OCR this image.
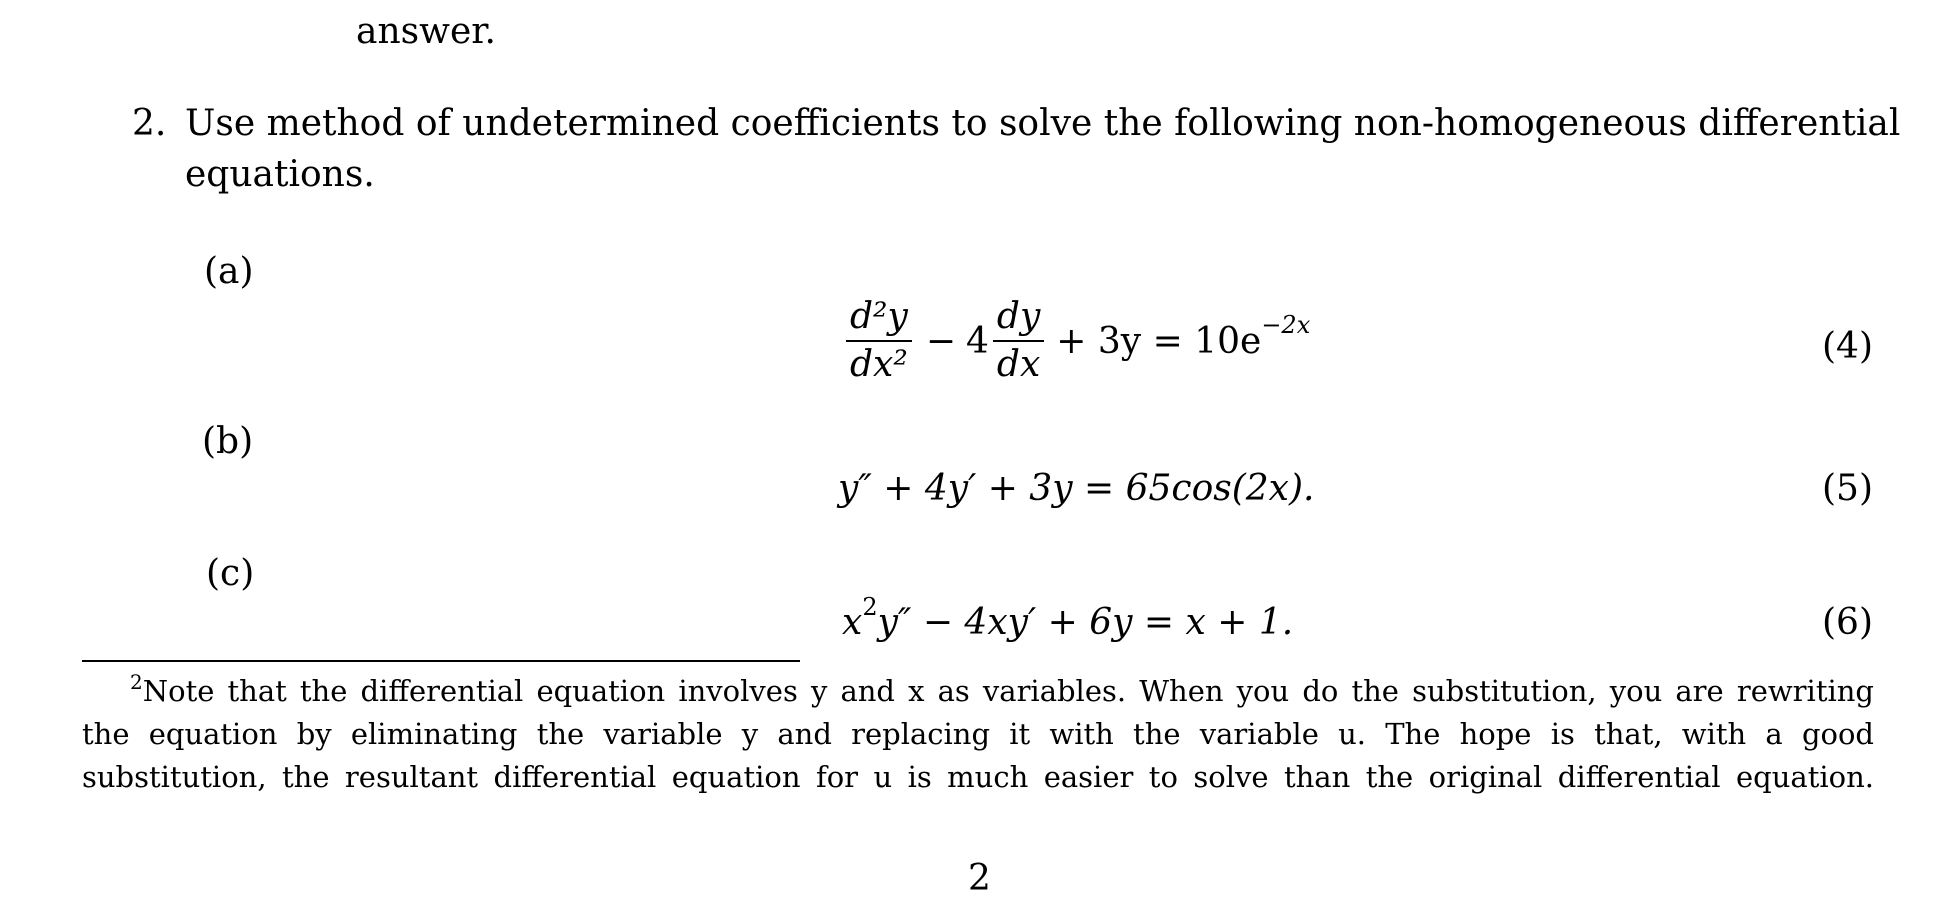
answer.
2. Use method of undetermined coefficients to solve the following non-homogeneous differential
equations.
(a)
$\frac{\text{d²y}}{\text{dx²}} - 4 \frac{dy}{dx} + 3y = 10e -2x$
(4)
(b)
y″ + 4y′ + 3y = 65cos(2x).	(5)
(c)
x 2 y″ − 4xy′ + 6y = x + 1.	(6)
$^2$Note that the differential equation involves y and x as variables. When you do the substitution, you are rewriting
the equation by eliminating the variable y and replacing it with the variable u. The hope is that, with a good
substitution, the resultant differential equation for u is much easier to solve than the original differential equation.
2
